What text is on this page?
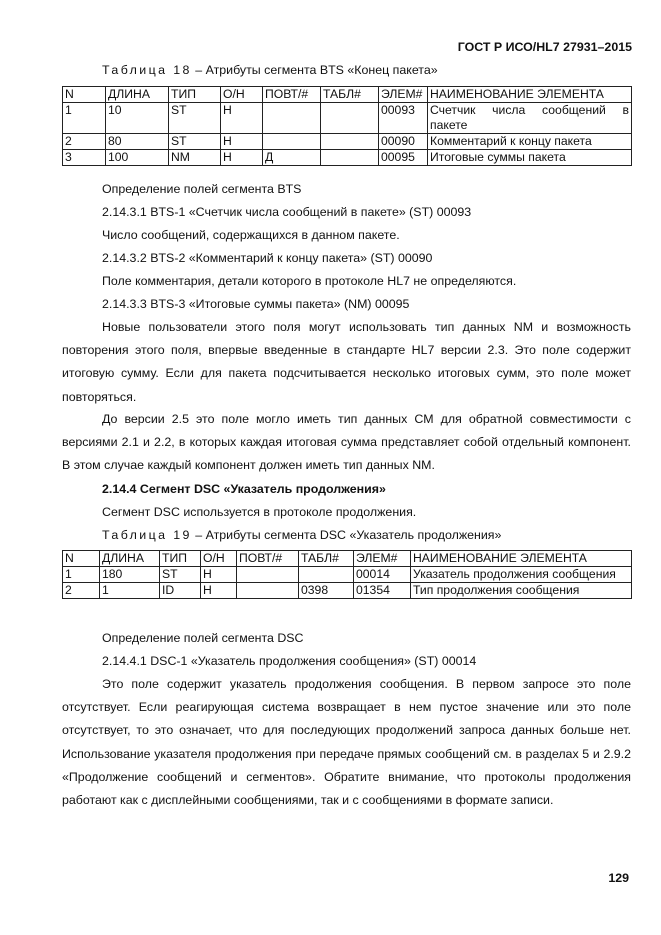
ГОСТ Р ИСО/HL7 27931–2015
Таблица 18 – Атрибуты сегмента BTS «Конец пакета»
N	ДЛИНА	ТИП	О/Н	ПОВТ/#	ТАБЛ#	ЭЛЕМ#	НАИМЕНОВАНИЕ ЭЛЕМЕНТА
1	10	ST	Н			00093	Счетчик числа сообщений в пакете
2	80	ST	Н			00090	Комментарий к концу пакета
3	100	NM	Н	Д		00095	Итоговые суммы пакета
Определение полей сегмента BTS
2.14.3.1 BTS-1 «Счетчик числа сообщений в пакете» (ST) 00093
Число сообщений, содержащихся в данном пакете.
2.14.3.2 BTS-2 «Комментарий к концу пакета» (ST) 00090
Поле комментария, детали которого в протоколе HL7 не определяются.
2.14.3.3 BTS-3 «Итоговые суммы пакета» (NM) 00095
Новые пользователи этого поля могут использовать тип данных NM и возможность повторения этого поля, впервые введенные в стандарте HL7 версии 2.3. Это поле содержит итоговую сумму. Если для пакета подсчитывается несколько итоговых сумм, это поле может повторяться.
До версии 2.5 это поле могло иметь тип данных CM для обратной совместимости с версиями 2.1 и 2.2, в которых каждая итоговая сумма представляет собой отдельный компонент. В этом случае каждый компонент должен иметь тип данных NM.
2.14.4 Сегмент DSC «Указатель продолжения»
Сегмент DSC используется в протоколе продолжения.
Таблица 19 – Атрибуты сегмента DSC «Указатель продолжения»
N	ДЛИНА	ТИП	О/Н	ПОВТ/#	ТАБЛ#	ЭЛЕМ#	НАИМЕНОВАНИЕ ЭЛЕМЕНТА
1	180	ST	Н			00014	Указатель продолжения сообщения
2	1	ID	Н		0398	01354	Тип продолжения сообщения
Определение полей сегмента DSC
2.14.4.1 DSC-1 «Указатель продолжения сообщения» (ST) 00014
Это поле содержит указатель продолжения сообщения. В первом запросе это поле отсутствует. Если реагирующая система возвращает в нем пустое значение или это поле отсутствует, то это означает, что для последующих продолжений запроса данных больше нет. Использование указателя продолжения при передаче прямых сообщений см. в разделах 5 и 2.9.2 «Продолжение сообщений и сегментов». Обратите внимание, что протоколы продолжения работают как с дисплейными сообщениями, так и с сообщениями в формате записи.
129
